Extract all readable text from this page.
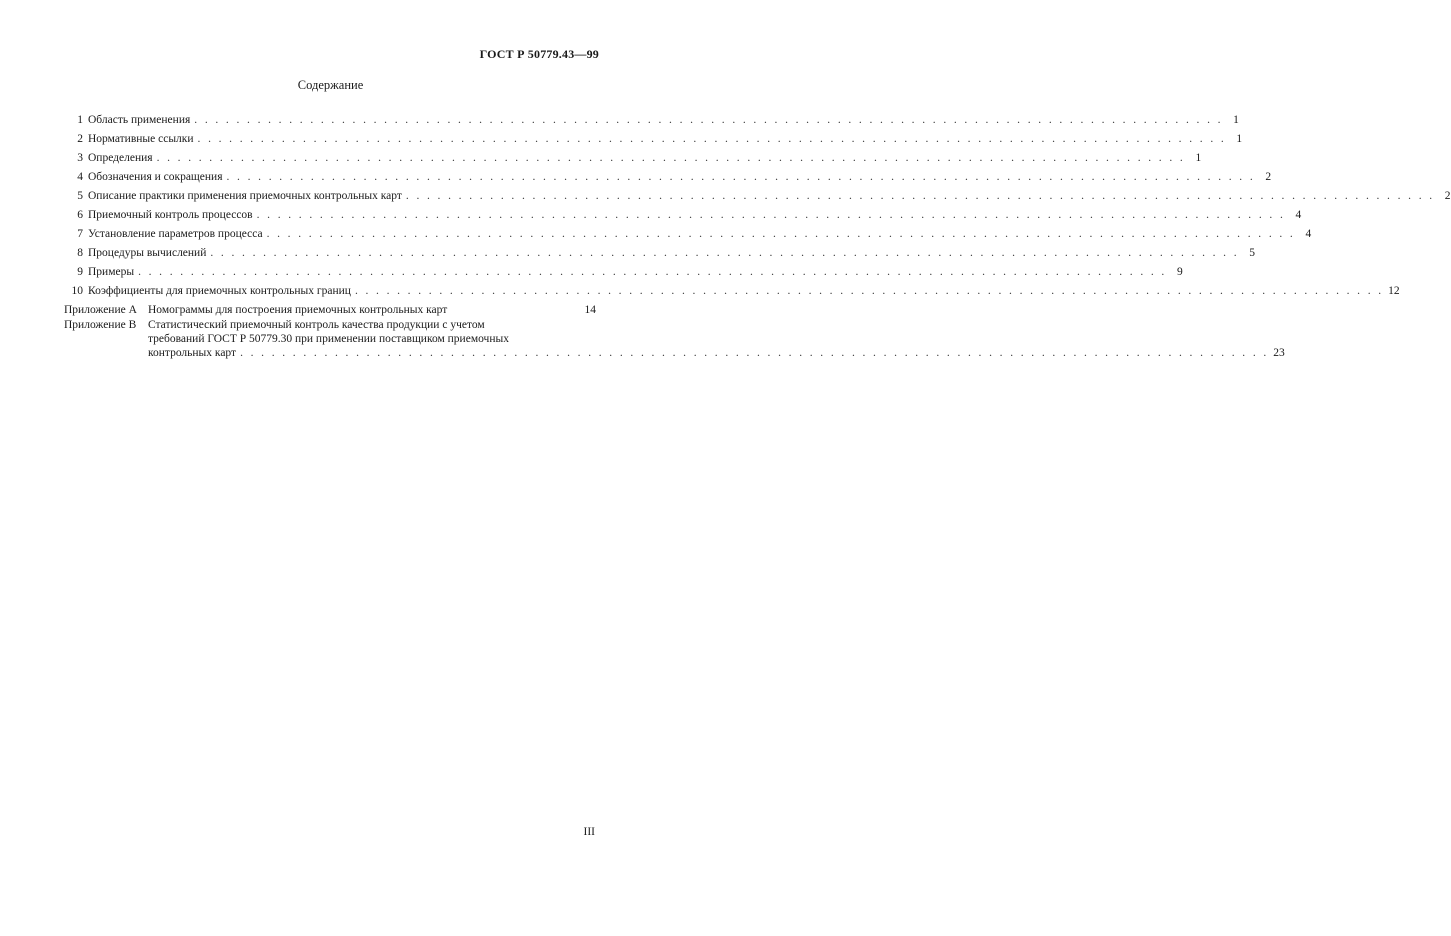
ГОСТ Р 50779.43—99
Содержание
1 Область применения . . .	1
2 Нормативные ссылки . . .	1
3 Определения . . .	1
4 Обозначения и сокращения . . .	2
5 Описание практики применения приемочных контрольных карт . . .	2
6 Приемочный контроль процессов . . .	4
7 Установление параметров процесса . . .	4
8 Процедуры вычислений . . .	5
9 Примеры . . .	9
10 Коэффициенты для приемочных контрольных границ . . .	12
Приложение А Номограммы для построения приемочных контрольных карт	14
Приложение В	Статистический приемочный контроль качества продукции с учетом
требований ГОСТ Р 50779.30 при применении поставщиком приемочных
контрольных карт . . .	23
III
